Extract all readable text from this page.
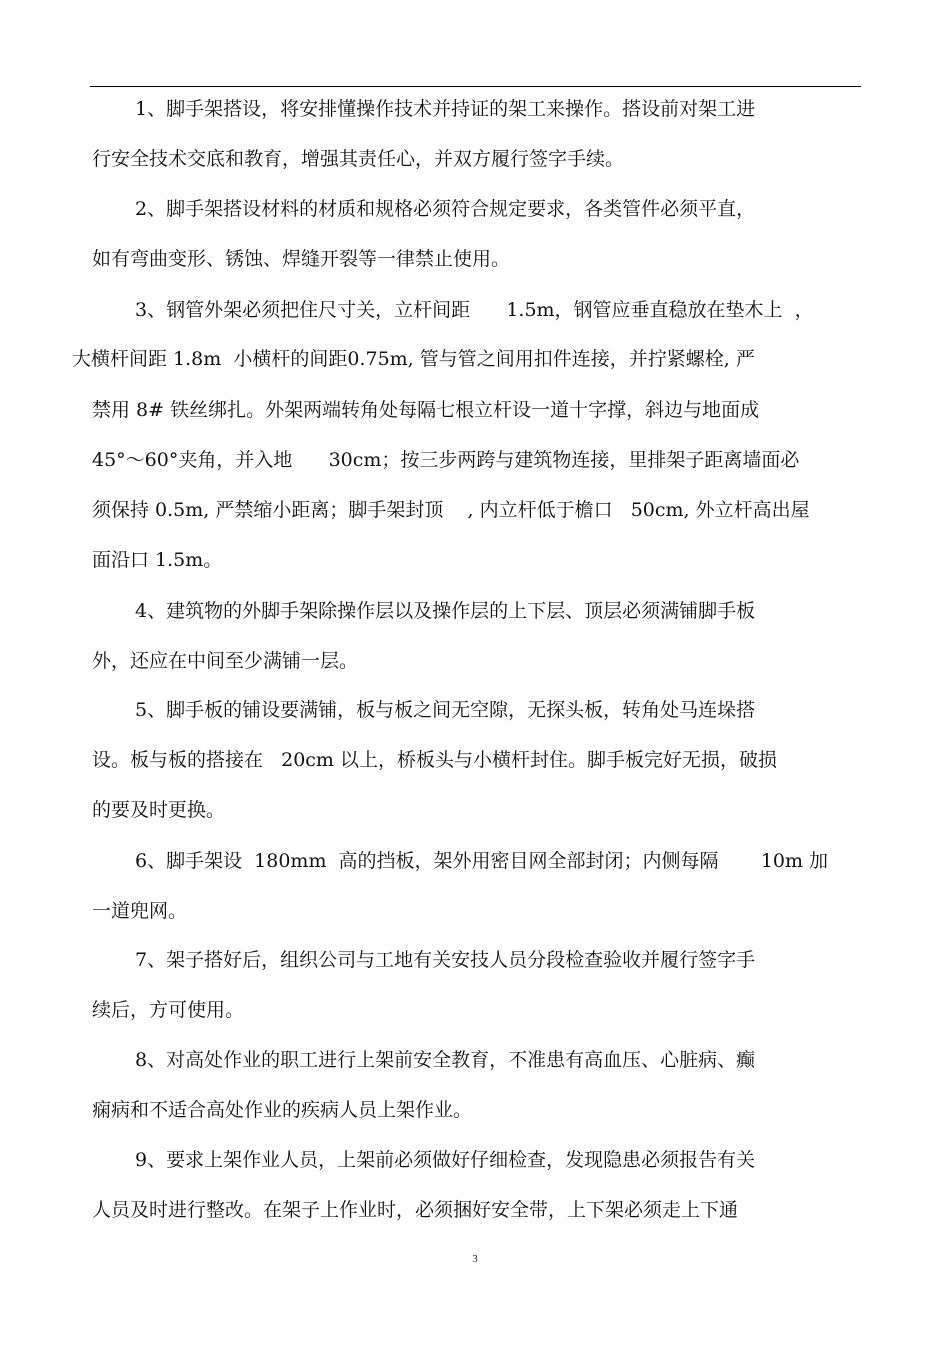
1、脚手架搭设，将安排懂操作技术并持证的架工来操作。搭设前对架工进
行安全技术交底和教育，增强其责任心，并双方履行签字手续。
2、脚手架搭设材料的材质和规格必须符合规定要求，各类管件必须平直，
如有弯曲变形、锈蚀、焊缝开裂等一律禁止使用。
3、钢管外架必须把住尺寸关，立杆间距      1.5m，钢管应垂直稳放在垫木上  ，
大横杆间距 1.8m  小横杆的间距0.75m, 管与管之间用扣件连接，并拧紧螺栓, 严
禁用 8# 铁丝绑扎。外架两端转角处每隔七根立杆设一道十字撑，斜边与地面成
45°～60°夹角，并入地      30cm；按三步两跨与建筑物连接，里排架子距离墙面必
须保持 0.5m, 严禁缩小距离；脚手架封顶    , 内立杆低于檐口   50cm, 外立杆高出屋
面沿口 1.5m。
4、建筑物的外脚手架除操作层以及操作层的上下层、顶层必须满铺脚手板
外，还应在中间至少满铺一层。
5、脚手板的铺设要满铺，板与板之间无空隙，无探头板，转角处马连垛搭
设。板与板的搭接在   20cm 以上，桥板头与小横杆封住。脚手板完好无损，破损
的要及时更换。
6、脚手架设  180mm  高的挡板，架外用密目网全部封闭；内侧每隔       10m 加
一道兜网。
7、架子搭好后，组织公司与工地有关安技人员分段检查验收并履行签字手
续后，方可使用。
8、对高处作业的职工进行上架前安全教育，不准患有高血压、心脏病、癫
痫病和不适合高处作业的疾病人员上架作业。
9、要求上架作业人员，上架前必须做好仔细检查，发现隐患必须报告有关
人员及时进行整改。在架子上作业时，必须捆好安全带，上下架必须走上下通
3
